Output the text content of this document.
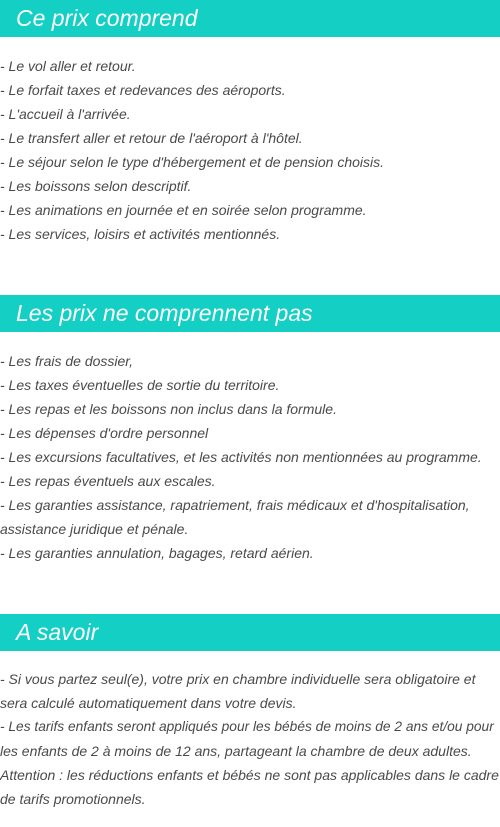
Ce prix comprend
- Le vol aller et retour.
- Le forfait taxes et redevances des aéroports.
- L'accueil à l'arrivée.
- Le transfert aller et retour de l'aéroport à l'hôtel.
- Le séjour selon le type d'hébergement et de pension choisis.
- Les boissons selon descriptif.
- Les animations en journée et en soirée selon programme.
- Les services, loisirs et activités mentionnés.
Les prix ne comprennent pas
- Les frais de dossier,
- Les taxes éventuelles de sortie du territoire.
- Les repas et les boissons non inclus dans la formule.
- Les dépenses d'ordre personnel
- Les excursions facultatives, et les activités non mentionnées au programme.
- Les repas éventuels aux escales.
- Les garanties assistance, rapatriement, frais médicaux et d'hospitalisation,
assistance juridique et pénale.
- Les garanties annulation, bagages, retard aérien.
A savoir
- Si vous partez seul(e), votre prix en chambre individuelle sera obligatoire et
sera calculé automatiquement dans votre devis.
- Les tarifs enfants seront appliqués pour les bébés de moins de 2 ans et/ou pour
les enfants de 2 à moins de 12 ans, partageant la chambre de deux adultes.
Attention : les réductions enfants et bébés ne sont pas applicables dans le cadre
de tarifs promotionnels.
